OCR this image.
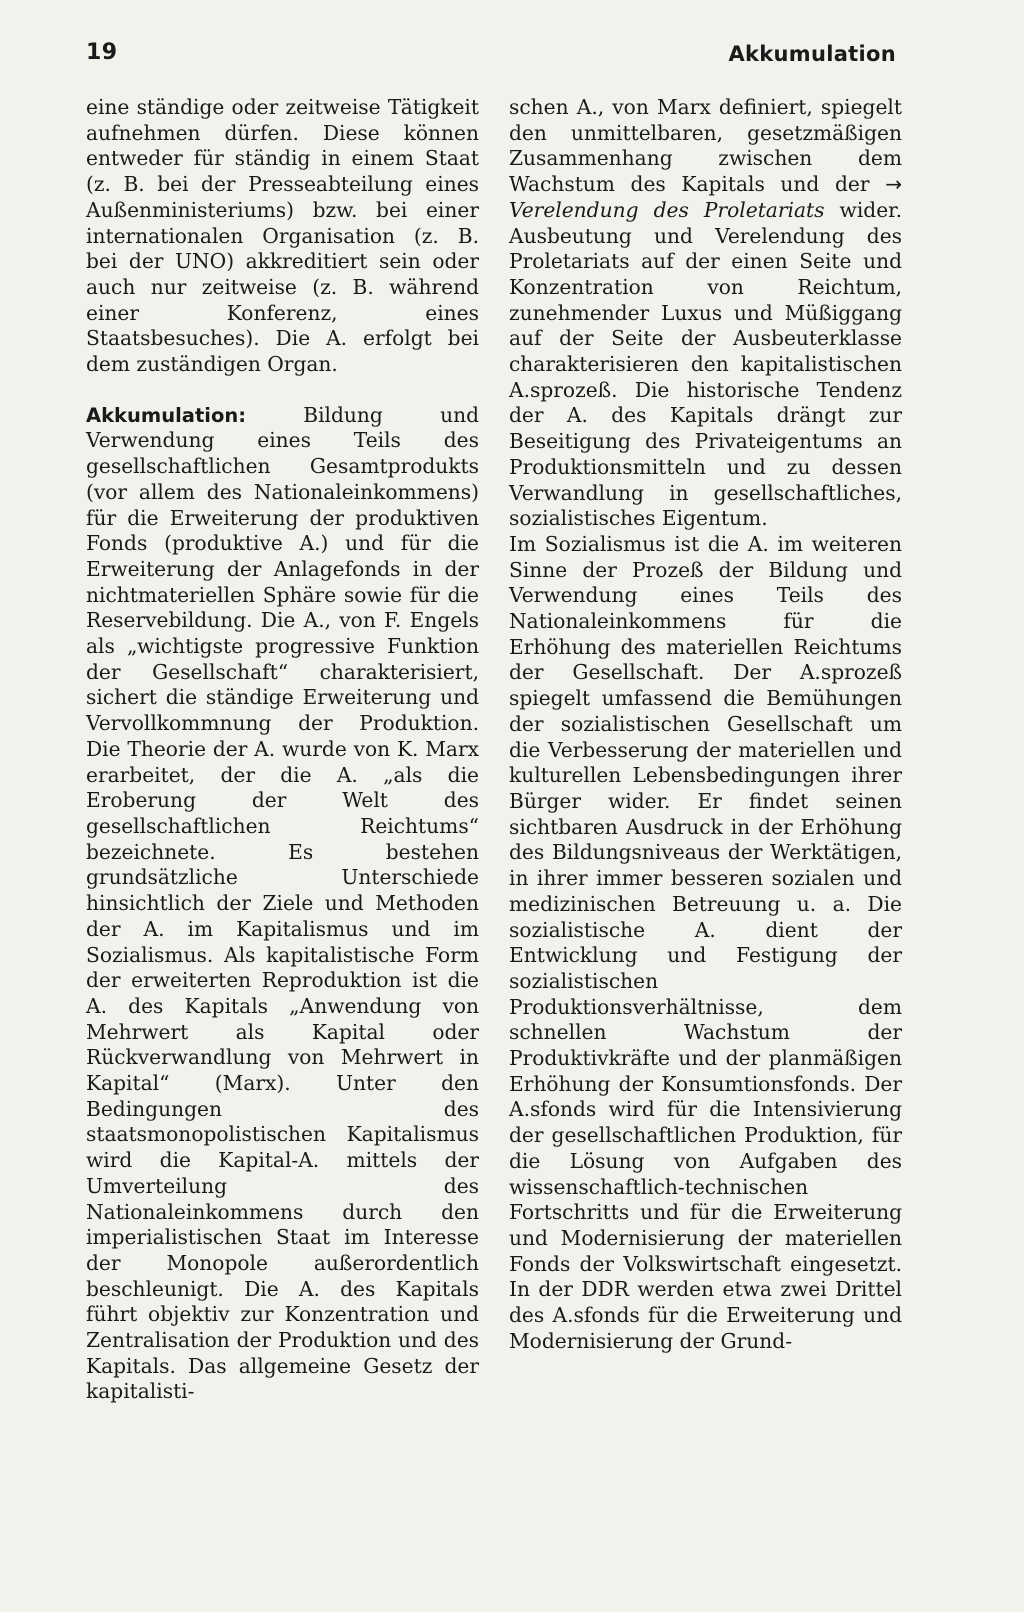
19	Akkumulation

eine ständige oder zeitweise Tätigkeit aufnehmen dürfen. Diese können entweder für ständig in einem Staat (z. B. bei der Presseabteilung eines Außenministeriums) bzw. bei einer internationalen Organisation (z. B. bei der UNO) akkreditiert sein oder auch nur zeitweise (z. B. während einer Konferenz, eines Staatsbesuches). Die A. erfolgt bei dem zuständigen Organ.

Akkumulation: Bildung und Verwendung eines Teils des gesellschaftlichen Gesamtprodukts (vor allem des Nationaleinkommens) für die Erweiterung der produktiven Fonds (produktive A.) und für die Erweiterung der Anlagefonds in der nichtmateriellen Sphäre sowie für die Reservebildung. Die A., von F. Engels als „wichtigste progressive Funktion der Gesellschaft“ charakterisiert, sichert die ständige Erweiterung und Vervollkommnung der Produktion. Die Theorie der A. wurde von K. Marx erarbeitet, der die A. „als die Eroberung der Welt des gesellschaftlichen Reichtums“ bezeichnete. Es bestehen grundsätzliche Unterschiede hinsichtlich der Ziele und Methoden der A. im Kapitalismus und im Sozialismus. Als kapitalistische Form der erweiterten Reproduktion ist die A. des Kapitals „Anwendung von Mehrwert als Kapital oder Rückverwandlung von Mehrwert in Kapital“ (Marx). Unter den Bedingungen des staatsmonopolistischen Kapitalismus wird die Kapital-A. mittels der Umverteilung des Nationaleinkommens durch den imperialistischen Staat im Interesse der Monopole außerordentlich beschleunigt. Die A. des Kapitals führt objektiv zur Konzentration und Zentralisation der Produktion und des Kapitals. Das allgemeine Gesetz der kapitalisti-

schen A., von Marx definiert, spiegelt den unmittelbaren, gesetzmäßigen Zusammenhang zwischen dem Wachstum des Kapitals und der → Verelendung des Proletariats wider. Ausbeutung und Verelendung des Proletariats auf der einen Seite und Konzentration von Reichtum, zunehmender Luxus und Müßiggang auf der Seite der Ausbeuterklasse charakterisieren den kapitalistischen A.sprozeß. Die historische Tendenz der A. des Kapitals drängt zur Beseitigung des Privateigentums an Produktionsmitteln und zu dessen Verwandlung in gesellschaftliches, sozialistisches Eigentum.

Im Sozialismus ist die A. im weiteren Sinne der Prozeß der Bildung und Verwendung eines Teils des Nationaleinkommens für die Erhöhung des materiellen Reichtums der Gesellschaft. Der A.sprozeß spiegelt umfassend die Bemühungen der sozialistischen Gesellschaft um die Verbesserung der materiellen und kulturellen Lebensbedingungen ihrer Bürger wider. Er findet seinen sichtbaren Ausdruck in der Erhöhung des Bildungsniveaus der Werktätigen, in ihrer immer besseren sozialen und medizinischen Betreuung u. a. Die sozialistische A. dient der Entwicklung und Festigung der sozialistischen Produktionsverhältnisse, dem schnellen Wachstum der Produktivkräfte und der planmäßigen Erhöhung der Konsumtionsfonds. Der A.sfonds wird für die Intensivierung der gesellschaftlichen Produktion, für die Lösung von Aufgaben des wissenschaftlich-technischen Fortschritts und für die Erweiterung und Modernisierung der materiellen Fonds der Volkswirtschaft eingesetzt. In der DDR werden etwa zwei Drittel des A.sfonds für die Erweiterung und Modernisierung der Grund-
